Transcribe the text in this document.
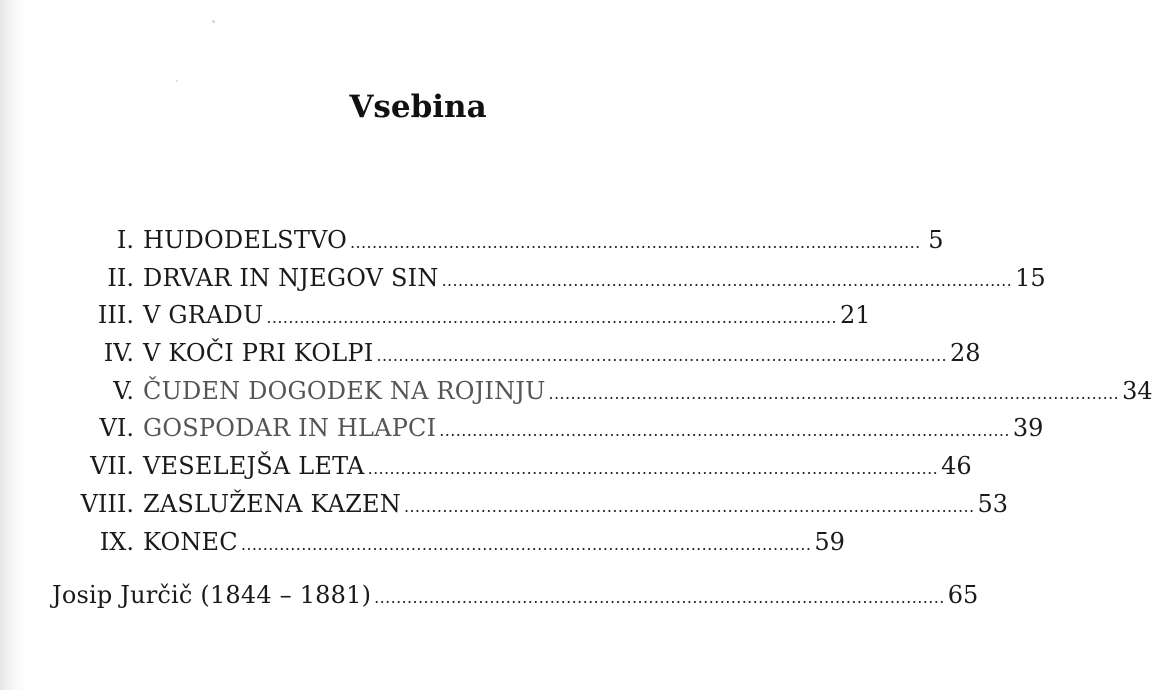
Vsebina
I. HUDODELSTVO ........................................................................................................ 5
II. DRVAR IN NJEGOV SIN ........................................................................................................ 15
III. V GRADU ........................................................................................................ 21
IV. V KOČI PRI KOLPI ........................................................................................................ 28
V. ČUDEN DOGODEK NA ROJINJU ........................................................................................................ 34
VI. GOSPODAR IN HLAPCI ........................................................................................................ 39
VII. VESELEJŠA LETA ........................................................................................................ 46
VIII. ZASLUŽENA KAZEN ........................................................................................................ 53
IX. KONEC ........................................................................................................ 59
Josip Jurčič (1844 – 1881) ........................................................................................................ 65
